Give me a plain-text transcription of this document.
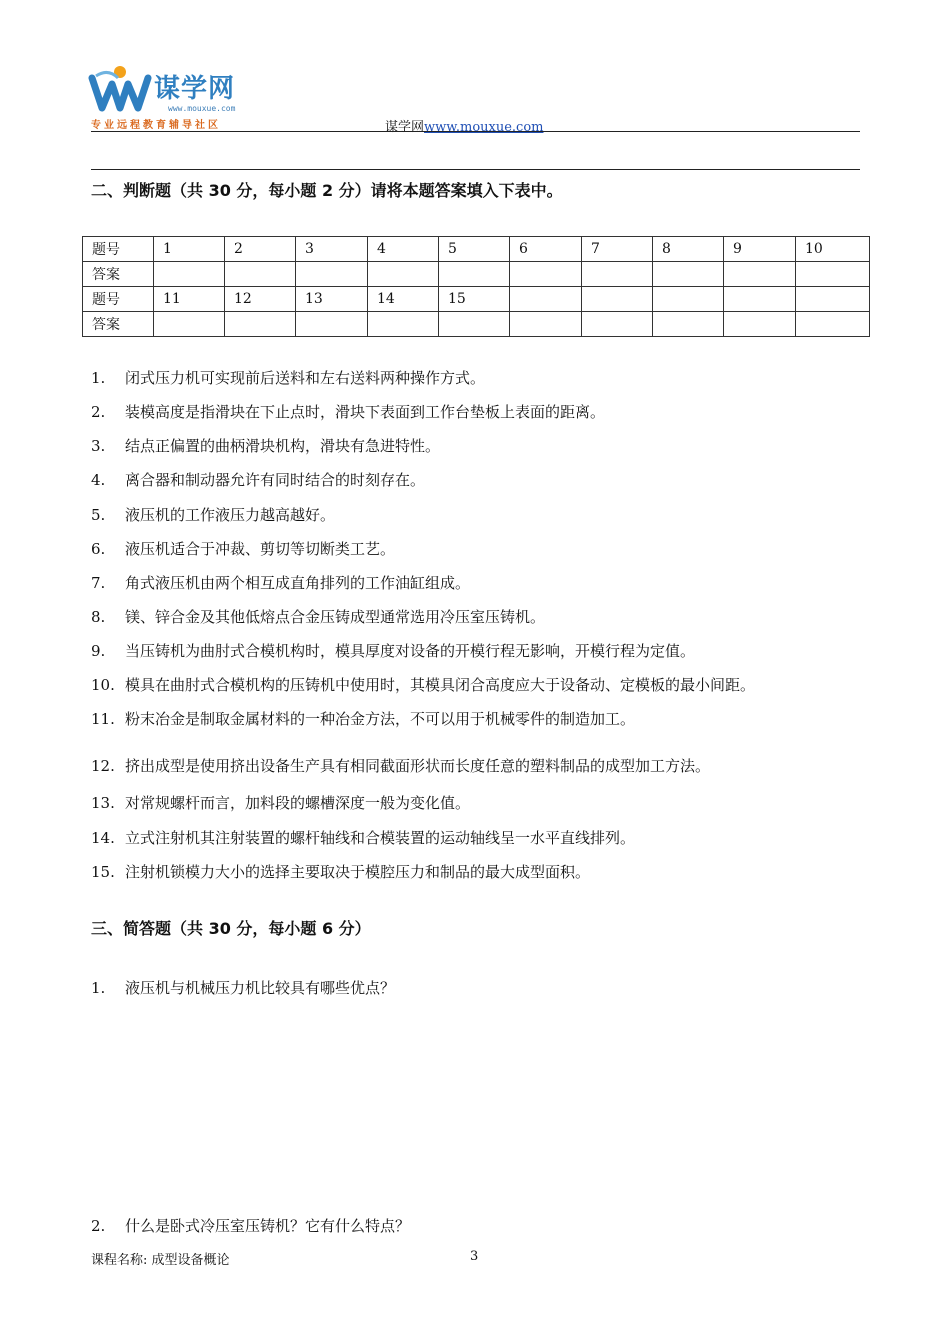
谋学网
www.mouxue.com
专业远程教育辅导社区	谋学网www.mouxue.com
二、判断题（共 30 分，每小题 2 分）请将本题答案填入下表中。
题号	1	2	3	4	5	6	7	8	9	10
答案										
题号	11	12	13	14	15					
答案										
1. 闭式压力机可实现前后送料和左右送料两种操作方式。
2. 装模高度是指滑块在下止点时，滑块下表面到工作台垫板上表面的距离。
3. 结点正偏置的曲柄滑块机构，滑块有急进特性。
4. 离合器和制动器允许有同时结合的时刻存在。
5. 液压机的工作液压力越高越好。
6. 液压机适合于冲裁、剪切等切断类工艺。
7. 角式液压机由两个相互成直角排列的工作油缸组成。
8. 镁、锌合金及其他低熔点合金压铸成型通常选用冷压室压铸机。
9. 当压铸机为曲肘式合模机构时，模具厚度对设备的开模行程无影响，开模行程为定值。
10. 模具在曲肘式合模机构的压铸机中使用时，其模具闭合高度应大于设备动、定模板的最小间距。
11. 粉末冶金是制取金属材料的一种冶金方法，不可以用于机械零件的制造加工。
12. 挤出成型是使用挤出设备生产具有相同截面形状而长度任意的塑料制品的成型加工方法。
13. 对常规螺杆而言，加料段的螺槽深度一般为变化值。
14. 立式注射机其注射装置的螺杆轴线和合模装置的运动轴线呈一水平直线排列。
15. 注射机锁模力大小的选择主要取决于模腔压力和制品的最大成型面积。
三、简答题（共 30 分，每小题 6 分）
1. 液压机与机械压力机比较具有哪些优点？
2. 什么是卧式冷压室压铸机？它有什么特点？
课程名称: 成型设备概论	3
